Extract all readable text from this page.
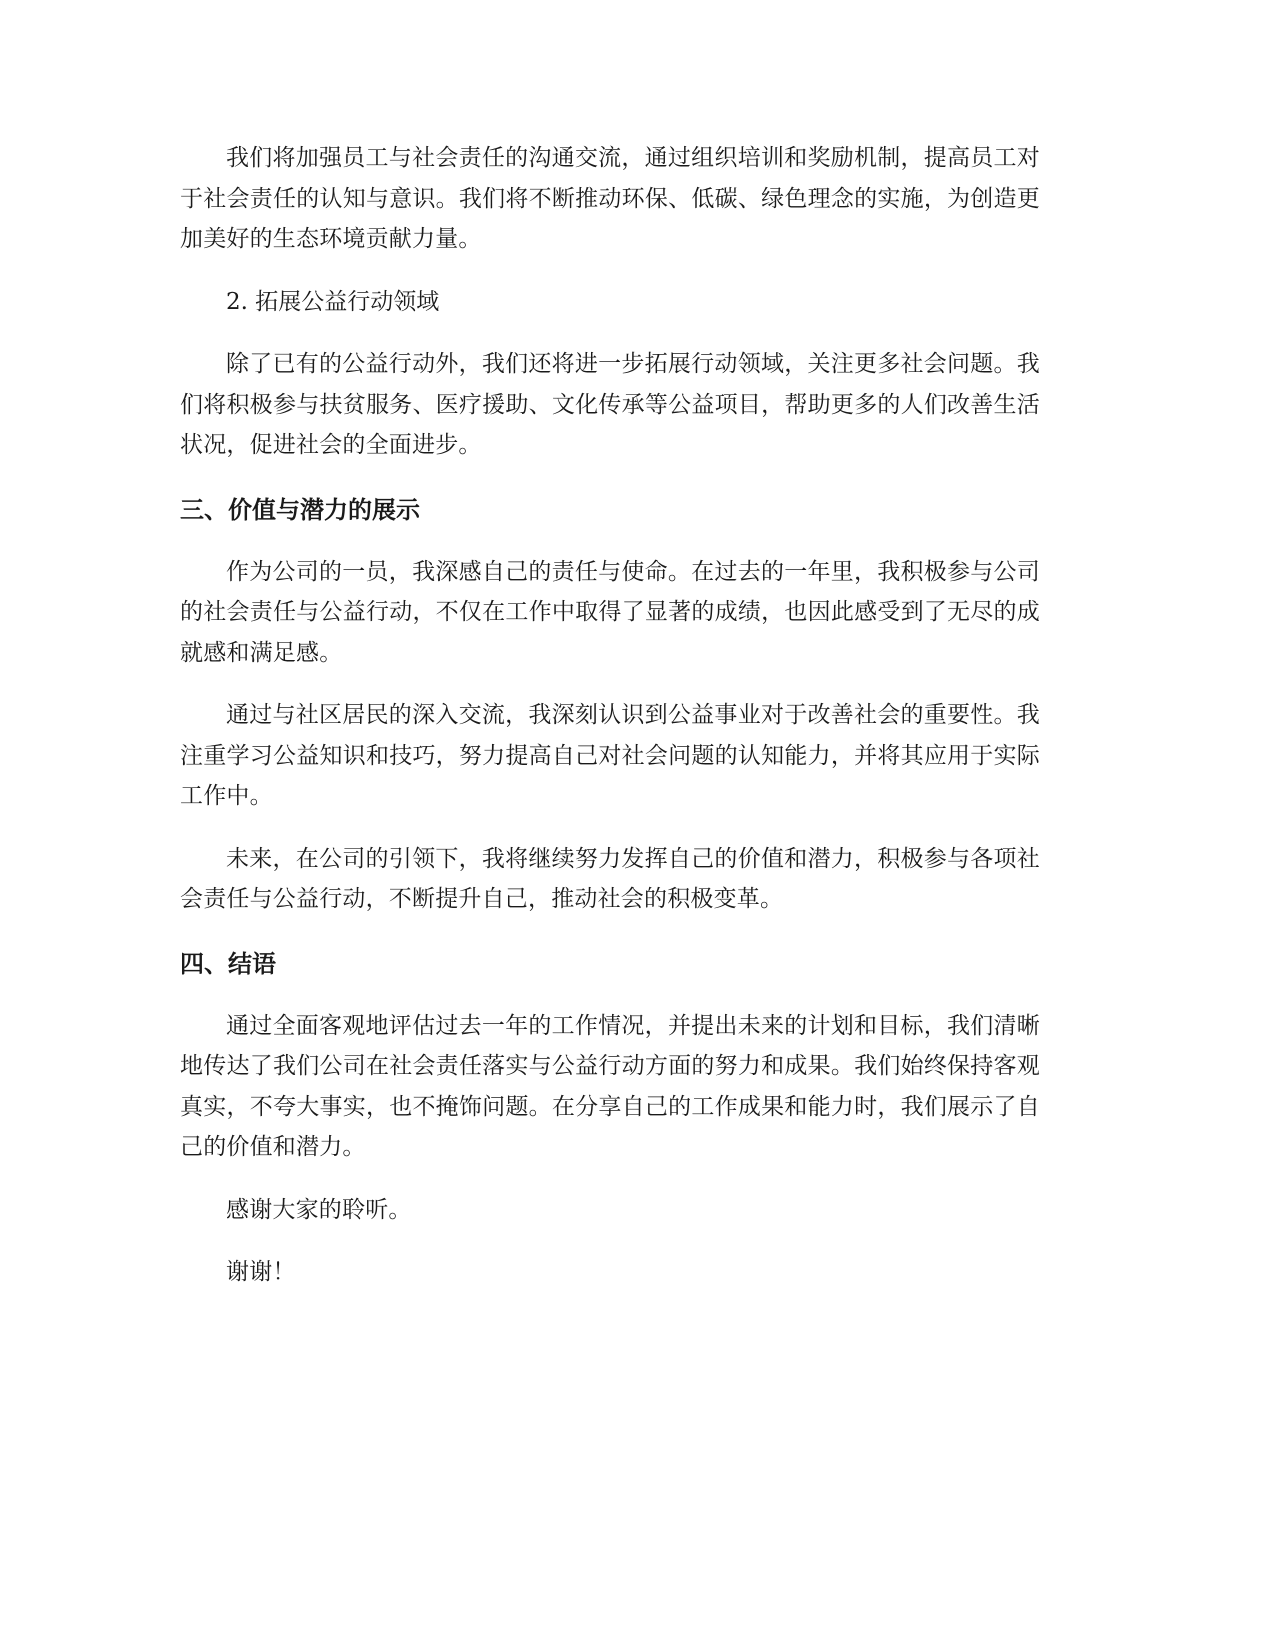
我们将加强员工与社会责任的沟通交流，通过组织培训和奖励机制，提高员工对于社会责任的认知与意识。我们将不断推动环保、低碳、绿色理念的实施，为创造更加美好的生态环境贡献力量。

2. 拓展公益行动领域

除了已有的公益行动外，我们还将进一步拓展行动领域，关注更多社会问题。我们将积极参与扶贫服务、医疗援助、文化传承等公益项目，帮助更多的人们改善生活状况，促进社会的全面进步。

三、价值与潜力的展示

作为公司的一员，我深感自己的责任与使命。在过去的一年里，我积极参与公司的社会责任与公益行动，不仅在工作中取得了显著的成绩，也因此感受到了无尽的成就感和满足感。

通过与社区居民的深入交流，我深刻认识到公益事业对于改善社会的重要性。我注重学习公益知识和技巧，努力提高自己对社会问题的认知能力，并将其应用于实际工作中。

未来，在公司的引领下，我将继续努力发挥自己的价值和潜力，积极参与各项社会责任与公益行动，不断提升自己，推动社会的积极变革。

四、结语

通过全面客观地评估过去一年的工作情况，并提出未来的计划和目标，我们清晰地传达了我们公司在社会责任落实与公益行动方面的努力和成果。我们始终保持客观真实，不夸大事实，也不掩饰问题。在分享自己的工作成果和能力时，我们展示了自己的价值和潜力。

感谢大家的聆听。

谢谢！
